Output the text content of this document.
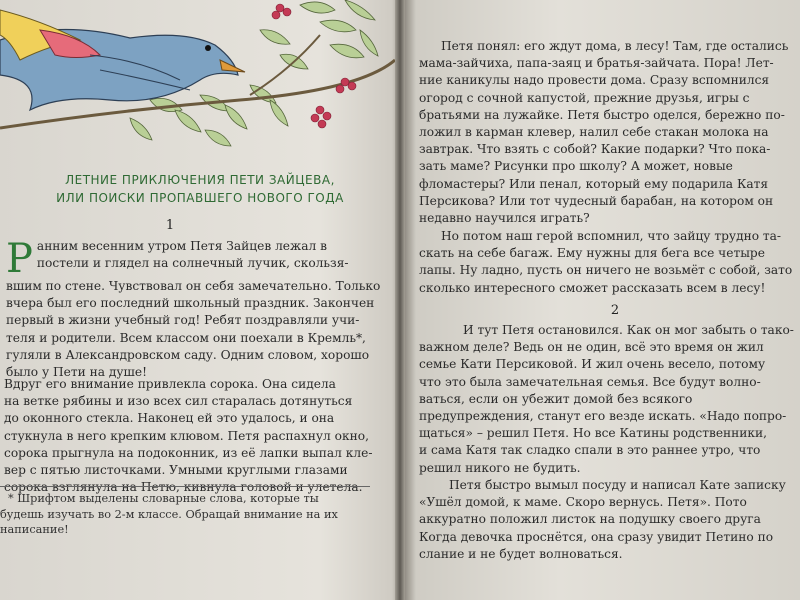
ЛЕТНИЕ ПРИКЛЮЧЕНИЯ ПЕТИ ЗАЙЦЕВА,
ИЛИ ПОИСКИ ПРОПАВШЕГО НОВОГО ГОДА
1
Р анним весенним утром Петя Зайцев лежал в
постели и глядел на солнечный лучик, скользя-
вшим по стене. Чувствовал он себя замечательно. Только
вчера был его последний школьный праздник. Закончен
первый в жизни учебный год! Ребят поздравляли учи-
теля и родители. Всем классом они поехали в Кремль*,
гуляли в Александровском саду. Одним словом, хорошо
было у Пети на душе!
Вдруг его внимание привлекла сорока. Она сидела
на ветке рябины и изо всех сил старалась дотянуться
до оконного стекла. Наконец ей это удалось, и она
стукнула в него крепким клювом. Петя распахнул окно,
сорока прыгнула на подоконник, из её лапки выпал кле-
вер с пятью листочками. Умными круглыми глазами
сорока взглянула на Петю, кивнула головой и улетела.
* Шрифтом выделены словарные слова, которые ты
будешь изучать во 2-м классе. Обращай внимание на их
написание!
Петя понял: его ждут дома, в лесу! Там, где остались
мама-зайчиха, папа-заяц и братья-зайчата. Пора! Лет-
ние каникулы надо провести дома. Сразу вспомнился
огород с сочной капустой, прежние друзья, игры с
братьями на лужайке. Петя быстро оделся, бережно по-
ложил в карман клевер, налил себе стакан молока на
завтрак. Что взять с собой? Какие подарки? Что пока-
зать маме? Рисунки про школу? А может, новые
фломастеры? Или пенал, который ему подарила Катя
Персикова? Или тот чудесный барабан, на котором он
недавно научился играть?
Но потом наш герой вспомнил, что зайцу трудно та-
скать на себе багаж. Ему нужны для бега все четыре
лапы. Ну ладно, пусть он ничего не возьмёт с собой, зато
сколько интересного сможет рассказать всем в лесу!
2
И тут Петя остановился. Как он мог забыть о тако-
важном деле? Ведь он не один, всё это время он жил
семье Кати Персиковой. И жил очень весело, потому
что это была замечательная семья. Все будут волно-
ваться, если он убежит домой без всякого
предупреждения, станут его везде искать. «Надо попро-
щаться» – решил Петя. Но все Катины родственники,
и сама Катя так сладко спали в это раннее утро, что
решил никого не будить.
Петя быстро вымыл посуду и написал Кате записку
«Ушёл домой, к маме. Скоро вернусь. Петя». Пото
аккуратно положил листок на подушку своего друга
Когда девочка проснётся, она сразу увидит Петино по
слание и не будет волноваться.
